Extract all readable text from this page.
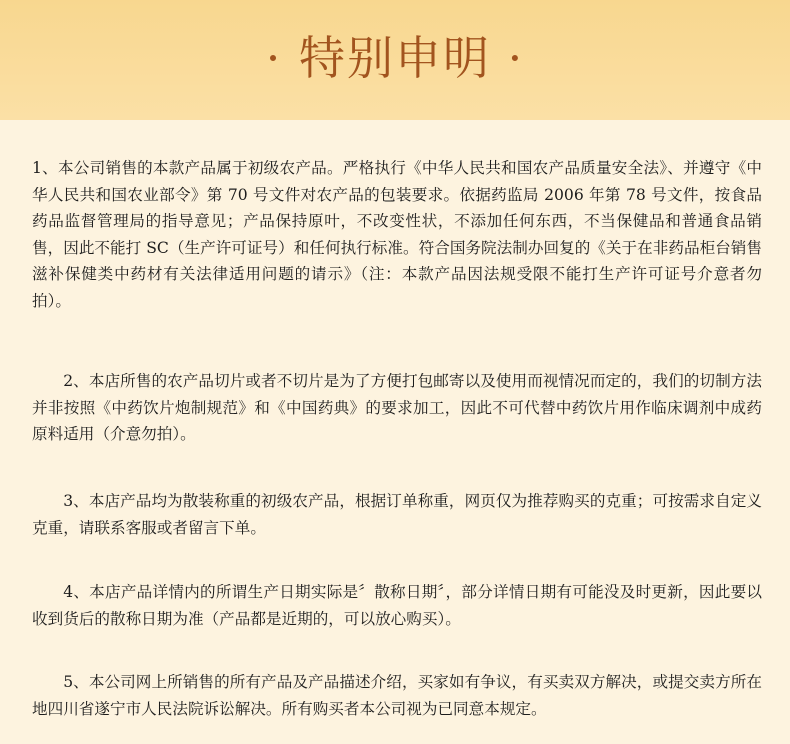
· 特别申明 ·
1、本公司销售的本款产品属于初级农产品。严格执行《中华人民共和国农产品质量安全法》、并遵守《中华人民共和国农业部令》第 70 号文件对农产品的包装要求。依据药监局 2006 年第 78 号文件，按食品药品监督管理局的指导意见；产品保持原叶，不改变性状，不添加任何东西，不当保健品和普通食品销售，因此不能打 SC（生产许可证号）和任何执行标准。符合国务院法制办回复的《关于在非药品柜台销售滋补保健类中药材有关法律适用问题的请示》（注：本款产品因法规受限不能打生产许可证号介意者勿拍）。
2、本店所售的农产品切片或者不切片是为了方便打包邮寄以及使用而视情况而定的，我们的切制方法并非按照《中药饮片炮制规范》和《中国药典》的要求加工，因此不可代替中药饮片用作临床调剂中成药原料适用（介意勿拍）。
3、本店产品均为散装称重的初级农产品，根据订单称重，网页仅为推荐购买的克重；可按需求自定义克重，请联系客服或者留言下单。
4、本店产品详情内的所谓生产日期实际是〞散称日期〞，部分详情日期有可能没及时更新，因此要以收到货后的散称日期为准（产品都是近期的，可以放心购买）。
5、本公司网上所销售的所有产品及产品描述介绍，买家如有争议，有买卖双方解决，或提交卖方所在地四川省遂宁市人民法院诉讼解决。所有购买者本公司视为已同意本规定。
